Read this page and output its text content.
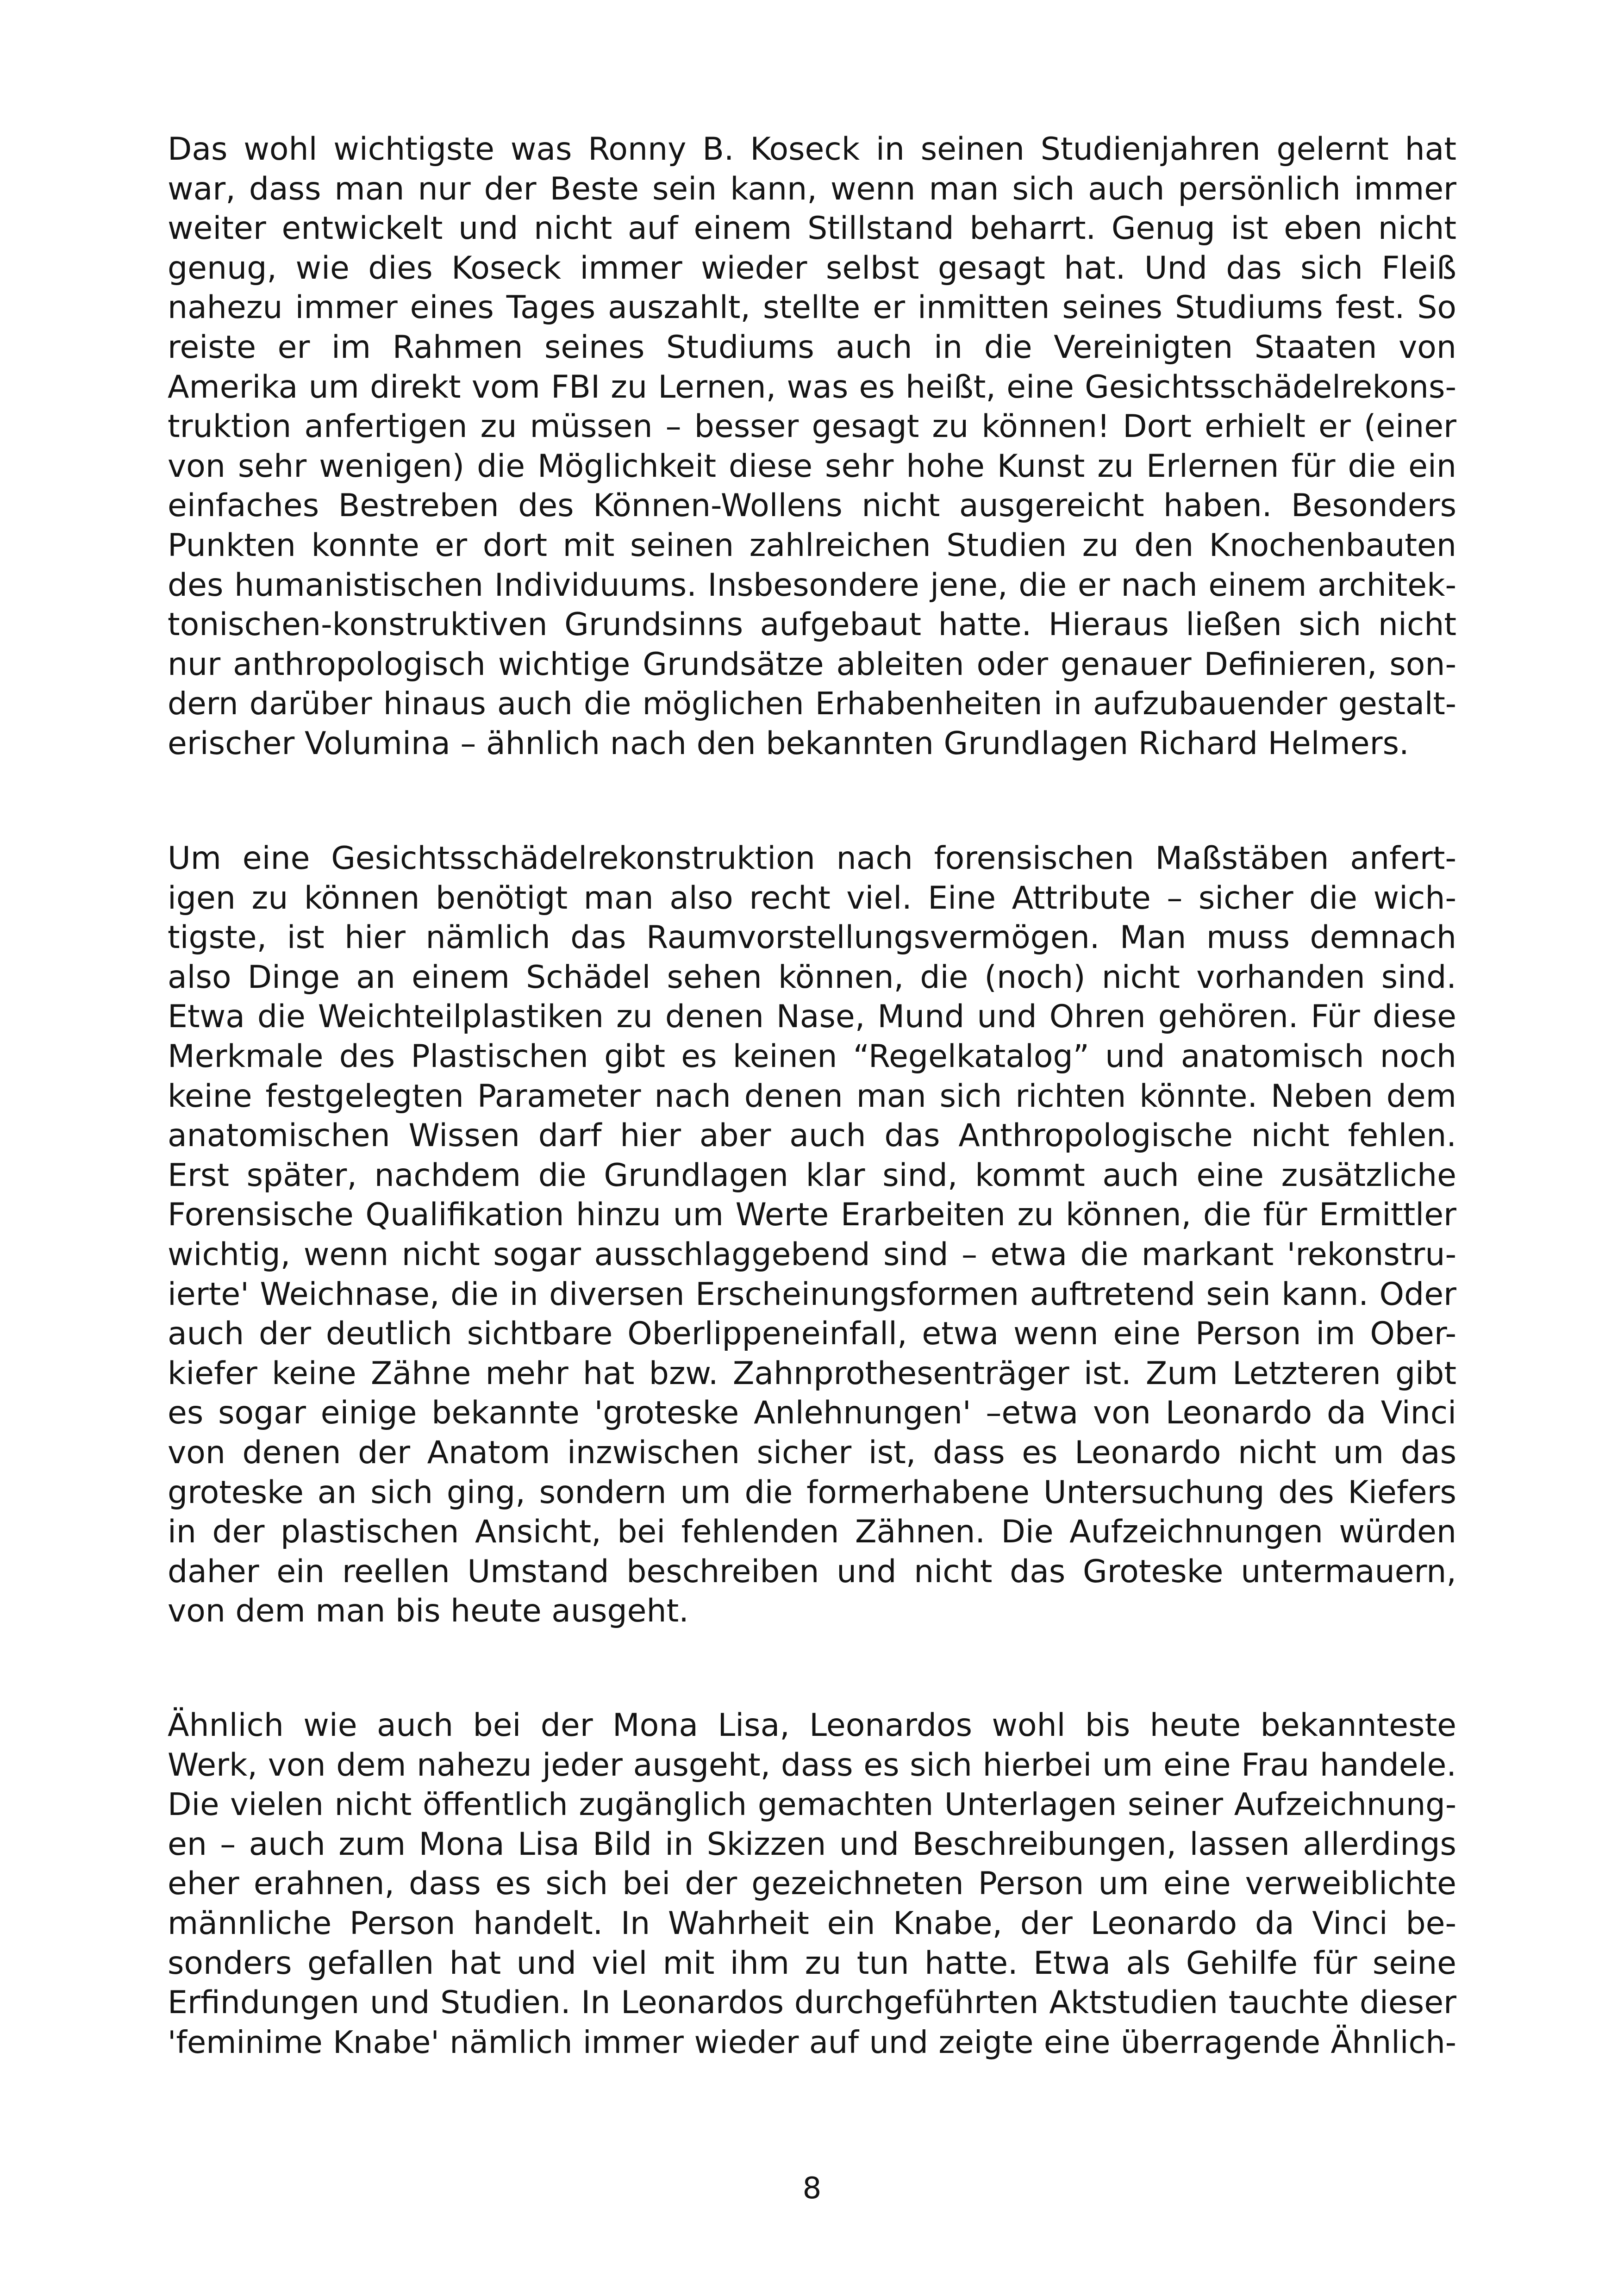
Das wohl wichtigste was Ronny B. Koseck in seinen Studienjahren gelernt hat
war, dass man nur der Beste sein kann, wenn man sich auch persönlich immer
weiter entwickelt und nicht auf einem Stillstand beharrt. Genug ist eben nicht
genug, wie dies Koseck immer wieder selbst gesagt hat. Und das sich Fleiß
nahezu immer eines Tages auszahlt, stellte er inmitten seines Studiums fest. So
reiste er im Rahmen seines Studiums auch in die Vereinigten Staaten von
Amerika um direkt vom FBI zu Lernen, was es heißt, eine Gesichtsschädelrekons-
truktion anfertigen zu müssen – besser gesagt zu können! Dort erhielt er (einer
von sehr wenigen) die Möglichkeit diese sehr hohe Kunst zu Erlernen für die ein
einfaches Bestreben des Können-Wollens nicht ausgereicht haben. Besonders
Punkten konnte er dort mit seinen zahlreichen Studien zu den Knochenbauten
des humanistischen Individuums. Insbesondere jene, die er nach einem architek-
tonischen-konstruktiven Grundsinns aufgebaut hatte. Hieraus ließen sich nicht
nur anthropologisch wichtige Grundsätze ableiten oder genauer Definieren, son-
dern darüber hinaus auch die möglichen Erhabenheiten in aufzubauender gestalt-
erischer Volumina – ähnlich nach den bekannten Grundlagen Richard Helmers.
Um eine Gesichtsschädelrekonstruktion nach forensischen Maßstäben anfert-
igen zu können benötigt man also recht viel. Eine Attribute – sicher die wich-
tigste, ist hier nämlich das Raumvorstellungsvermögen. Man muss demnach
also Dinge an einem Schädel sehen können, die (noch) nicht vorhanden sind.
Etwa die Weichteilplastiken zu denen Nase, Mund und Ohren gehören. Für diese
Merkmale des Plastischen gibt es keinen “Regelkatalog” und anatomisch noch
keine festgelegten Parameter nach denen man sich richten könnte. Neben dem
anatomischen Wissen darf hier aber auch das Anthropologische nicht fehlen.
Erst später, nachdem die Grundlagen klar sind, kommt auch eine zusätzliche
Forensische Qualifikation hinzu um Werte Erarbeiten zu können, die für Ermittler
wichtig, wenn nicht sogar ausschlaggebend sind – etwa die markant 'rekonstru-
ierte' Weichnase, die in diversen Erscheinungsformen auftretend sein kann. Oder
auch der deutlich sichtbare Oberlippeneinfall, etwa wenn eine Person im Ober-
kiefer keine Zähne mehr hat bzw. Zahnprothesenträger ist. Zum Letzteren gibt
es sogar einige bekannte 'groteske Anlehnungen' –etwa von Leonardo da Vinci
von denen der Anatom inzwischen sicher ist, dass es Leonardo nicht um das
groteske an sich ging, sondern um die formerhabene Untersuchung des Kiefers
in der plastischen Ansicht, bei fehlenden Zähnen. Die Aufzeichnungen würden
daher ein reellen Umstand beschreiben und nicht das Groteske untermauern,
von dem man bis heute ausgeht.
Ähnlich wie auch bei der Mona Lisa, Leonardos wohl bis heute bekannteste
Werk, von dem nahezu jeder ausgeht, dass es sich hierbei um eine Frau handele.
Die vielen nicht öffentlich zugänglich gemachten Unterlagen seiner Aufzeichnung-
en – auch zum Mona Lisa Bild in Skizzen und Beschreibungen, lassen allerdings
eher erahnen, dass es sich bei der gezeichneten Person um eine verweiblichte
männliche Person handelt. In Wahrheit ein Knabe, der Leonardo da Vinci be-
sonders gefallen hat und viel mit ihm zu tun hatte. Etwa als Gehilfe für seine
Erfindungen und Studien. In Leonardos durchgeführten Aktstudien tauchte dieser
'feminime Knabe' nämlich immer wieder auf und zeigte eine überragende Ähnlich-
8
